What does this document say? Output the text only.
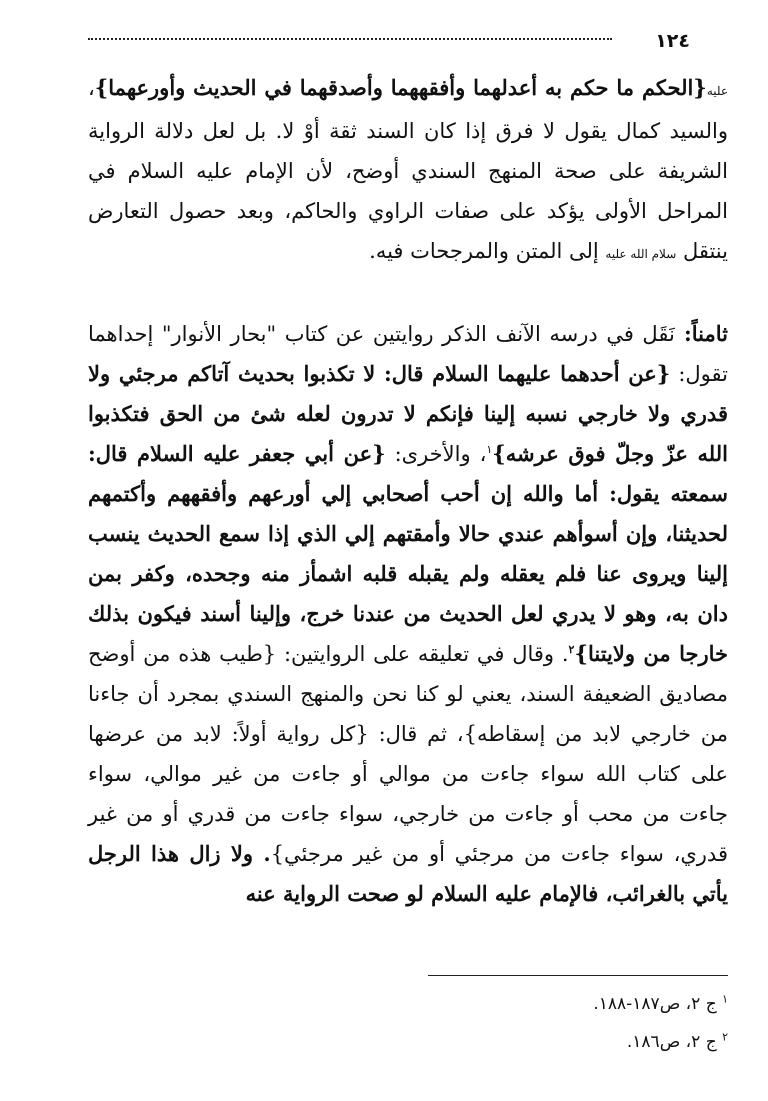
١٢٤

عليه{الحكم ما حكم به أعدلهما وأفقههما وأصدقهما في الحديث وأورعهما}، والسيد كمال يقول لا فرق إذا كان السند ثقة أوْ لا. بل لعل دلالة الرواية الشريفة على صحة المنهج السندي أوضح، لأن الإمام عليه السلام في المراحل الأولى يؤكد على صفات الراوي والحاكم، وبعد حصول التعارض ينتقل سلام الله عليه إلى المتن والمرجحات فيه.

ثامناً: نَقَل في درسه الآنف الذكر روايتين عن كتاب "بحار الأنوار" إحداهما تقول: {عن أحدهما عليهما السلام قال: لا تكذبوا بحديث آتاكم مرجئي ولا قدري ولا خارجي نسبه إلينا فإنكم لا تدرون لعله شئ من الحق فتكذبوا الله عزّ وجلّ فوق عرشه}$^١$، والأخرى: {عن أبي جعفر عليه السلام قال: سمعته يقول: أما والله إن أحب أصحابي إلي أورعهم وأفقههم وأكتمهم لحديثنا، وإن أسوأهم عندي حالا وأمقتهم إلي الذي إذا سمع الحديث ينسب إلينا ويروى عنا فلم يعقله ولم يقبله قلبه اشمأز منه وجحده، وكفر بمن دان به، وهو لا يدري لعل الحديث من عندنا خرج، وإلينا أسند فيكون بذلك خارجا من ولايتنا}$^٢$. وقال في تعليقه على الروايتين: {طيب هذه من أوضح مصاديق الضعيفة السند، يعني لو كنا نحن والمنهج السندي بمجرد أن جاءنا من خارجي لابد من إسقاطه}، ثم قال: {كل رواية أولاً: لابد من عرضها على كتاب الله سواء جاءت من موالي أو جاءت من غير موالي، سواء جاءت من محب أو جاءت من خارجي، سواء جاءت من قدري أو من غير قدري، سواء جاءت من مرجئي أو من غير مرجئي}. ولا زال هذا الرجل يأتي بالغرائب، فالإمام عليه السلام لو صحت الرواية عنه

$^١$ ج ٢، ص١٨٧-١٨٨.
$^٢$ ج ٢، ص١٨٦.
